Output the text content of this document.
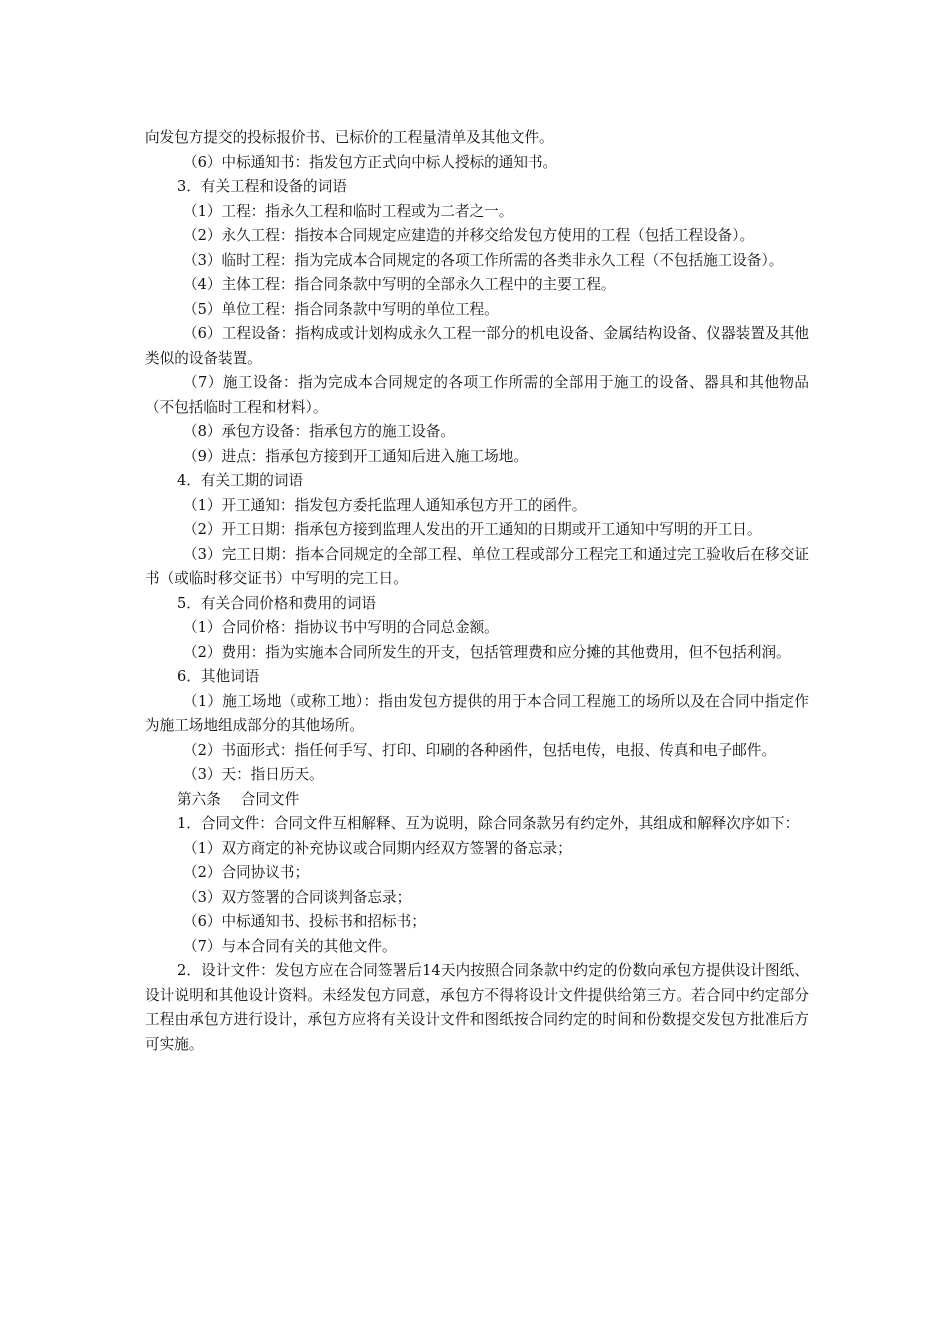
向发包方提交的投标报价书、已标价的工程量清单及其他文件。

（6）中标通知书：指发包方正式向中标人授标的通知书。

3．有关工程和设备的词语

（1）工程：指永久工程和临时工程或为二者之一。

（2）永久工程：指按本合同规定应建造的并移交给发包方使用的工程（包括工程设备）。

（3）临时工程：指为完成本合同规定的各项工作所需的各类非永久工程（不包括施工设备）。

（4）主体工程：指合同条款中写明的全部永久工程中的主要工程。

（5）单位工程：指合同条款中写明的单位工程。

（6）工程设备：指构成或计划构成永久工程一部分的机电设备、金属结构设备、仪器装置及其他类似的设备装置。

（7）施工设备：指为完成本合同规定的各项工作所需的全部用于施工的设备、器具和其他物品（不包括临时工程和材料）。

（8）承包方设备：指承包方的施工设备。

（9）进点：指承包方接到开工通知后进入施工场地。

4．有关工期的词语

（1）开工通知：指发包方委托监理人通知承包方开工的函件。

（2）开工日期：指承包方接到监理人发出的开工通知的日期或开工通知中写明的开工日。

（3）完工日期：指本合同规定的全部工程、单位工程或部分工程完工和通过完工验收后在移交证书（或临时移交证书）中写明的完工日。

5．有关合同价格和费用的词语

（1）合同价格：指协议书中写明的合同总金额。

（2）费用：指为实施本合同所发生的开支，包括管理费和应分摊的其他费用，但不包括利润。

6．其他词语

（1）施工场地（或称工地）：指由发包方提供的用于本合同工程施工的场所以及在合同中指定作为施工场地组成部分的其他场所。

（2）书面形式：指任何手写、打印、印刷的各种函件，包括电传，电报、传真和电子邮件。

（3）天：指日历天。

第六条 合同文件

1．合同文件：合同文件互相解释、互为说明，除合同条款另有约定外，其组成和解释次序如下：

（1）双方商定的补充协议或合同期内经双方签署的备忘录；

（2）合同协议书；

（3）双方签署的合同谈判备忘录；

（6）中标通知书、投标书和招标书；

（7）与本合同有关的其他文件。

2．设计文件：发包方应在合同签署后14天内按照合同条款中约定的份数向承包方提供设计图纸、设计说明和其他设计资料。未经发包方同意，承包方不得将设计文件提供给第三方。若合同中约定部分工程由承包方进行设计，承包方应将有关设计文件和图纸按合同约定的时间和份数提交发包方批准后方可实施。
